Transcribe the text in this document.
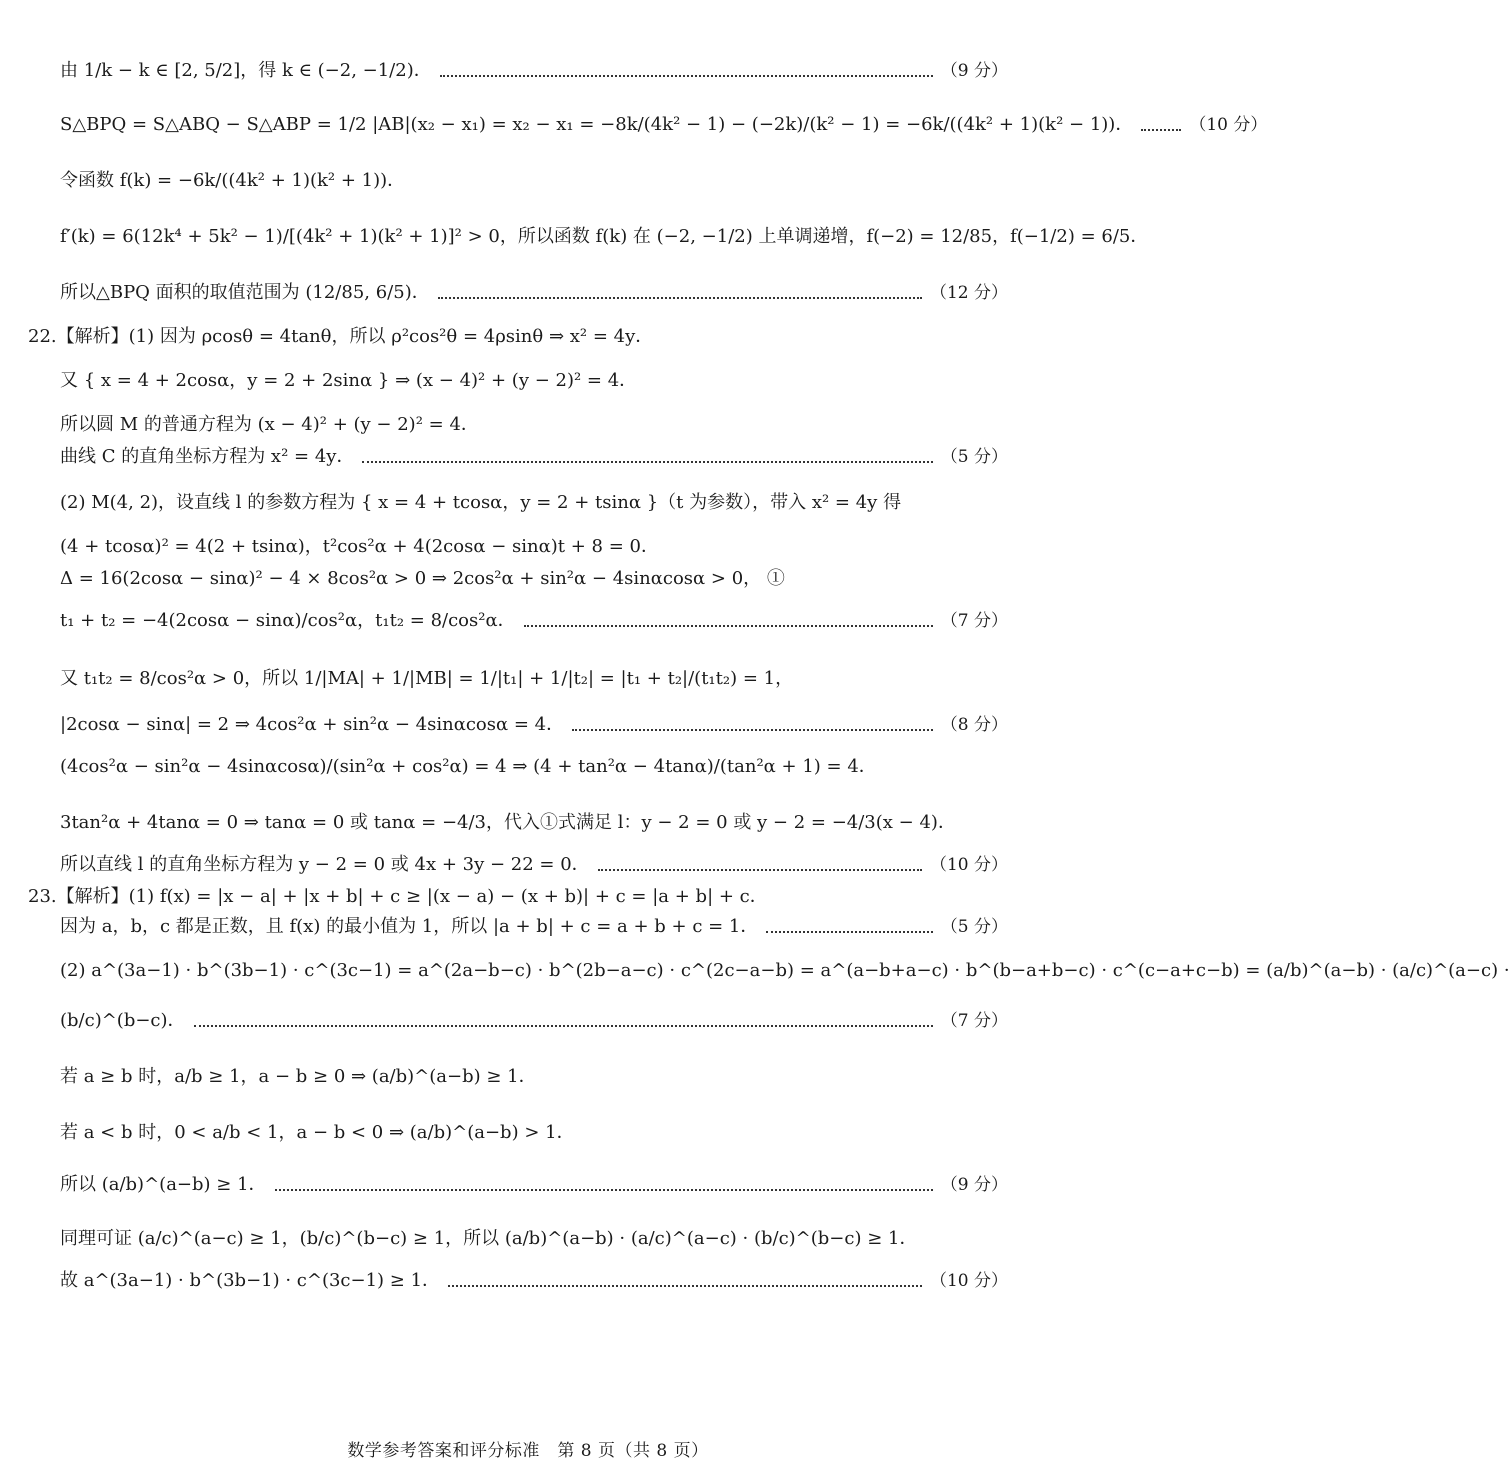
由 1/k − k ∈ [2, 5/2]，得 k ∈ (−2, −1/2)．	（9 分）
S△BPQ = S△ABQ − S△ABP = 1/2 |AB|(x₂ − x₁) = x₂ − x₁ = −8k/(4k² − 1) − (−2k)/(k² − 1) = −6k/((4k² + 1)(k² − 1))．	（10 分）
令函数 f(k) = −6k/((4k² + 1)(k² + 1))．
f′(k) = 6(12k⁴ + 5k² − 1)/[(4k² + 1)(k² + 1)]² > 0，所以函数 f(k) 在 (−2, −1/2) 上单调递增，f(−2) = 12/85，f(−1/2) = 6/5．
所以△BPQ 面积的取值范围为 (12/85, 6/5)．	（12 分）
22.【解析】(1) 因为 ρcosθ = 4tanθ，所以 ρ²cos²θ = 4ρsinθ ⇒ x² = 4y．
又 { x = 4 + 2cosα，y = 2 + 2sinα } ⇒ (x − 4)² + (y − 2)² = 4．
所以圆 M 的普通方程为 (x − 4)² + (y − 2)² = 4．
曲线 C 的直角坐标方程为 x² = 4y．	（5 分）
(2) M(4, 2)，设直线 l 的参数方程为 { x = 4 + tcosα，y = 2 + tsinα }（t 为参数），带入 x² = 4y 得
(4 + tcosα)² = 4(2 + tsinα)，t²cos²α + 4(2cosα − sinα)t + 8 = 0．
Δ = 16(2cosα − sinα)² − 4 × 8cos²α > 0 ⇒ 2cos²α + sin²α − 4sinαcosα > 0， ①
t₁ + t₂ = −4(2cosα − sinα)/cos²α，t₁t₂ = 8/cos²α．	（7 分）
又 t₁t₂ = 8/cos²α > 0，所以 1/|MA| + 1/|MB| = 1/|t₁| + 1/|t₂| = |t₁ + t₂|/(t₁t₂) = 1，
|2cosα − sinα| = 2 ⇒ 4cos²α + sin²α − 4sinαcosα = 4．	（8 分）
(4cos²α − sin²α − 4sinαcosα)/(sin²α + cos²α) = 4 ⇒ (4 + tan²α − 4tanα)/(tan²α + 1) = 4．
3tan²α + 4tanα = 0 ⇒ tanα = 0 或 tanα = −4/3，代入①式满足 l：y − 2 = 0 或 y − 2 = −4/3(x − 4)．
所以直线 l 的直角坐标方程为 y − 2 = 0 或 4x + 3y − 22 = 0．	（10 分）
23.【解析】(1) f(x) = |x − a| + |x + b| + c ≥ |(x − a) − (x + b)| + c = |a + b| + c．
因为 a，b，c 都是正数，且 f(x) 的最小值为 1，所以 |a + b| + c = a + b + c = 1．	（5 分）
(2) a^(3a−1) · b^(3b−1) · c^(3c−1) = a^(2a−b−c) · b^(2b−a−c) · c^(2c−a−b) = a^(a−b+a−c) · b^(b−a+b−c) · c^(c−a+c−b) = (a/b)^(a−b) · (a/c)^(a−c) ·
(b/c)^(b−c)．	（7 分）
若 a ≥ b 时，a/b ≥ 1，a − b ≥ 0 ⇒ (a/b)^(a−b) ≥ 1．
若 a < b 时，0 < a/b < 1，a − b < 0 ⇒ (a/b)^(a−b) > 1．
所以 (a/b)^(a−b) ≥ 1．	（9 分）
同理可证 (a/c)^(a−c) ≥ 1，(b/c)^(b−c) ≥ 1，所以 (a/b)^(a−b) · (a/c)^(a−c) · (b/c)^(b−c) ≥ 1．
故 a^(3a−1) · b^(3b−1) · c^(3c−1) ≥ 1．	（10 分）
数学参考答案和评分标准　第 8 页（共 8 页）
